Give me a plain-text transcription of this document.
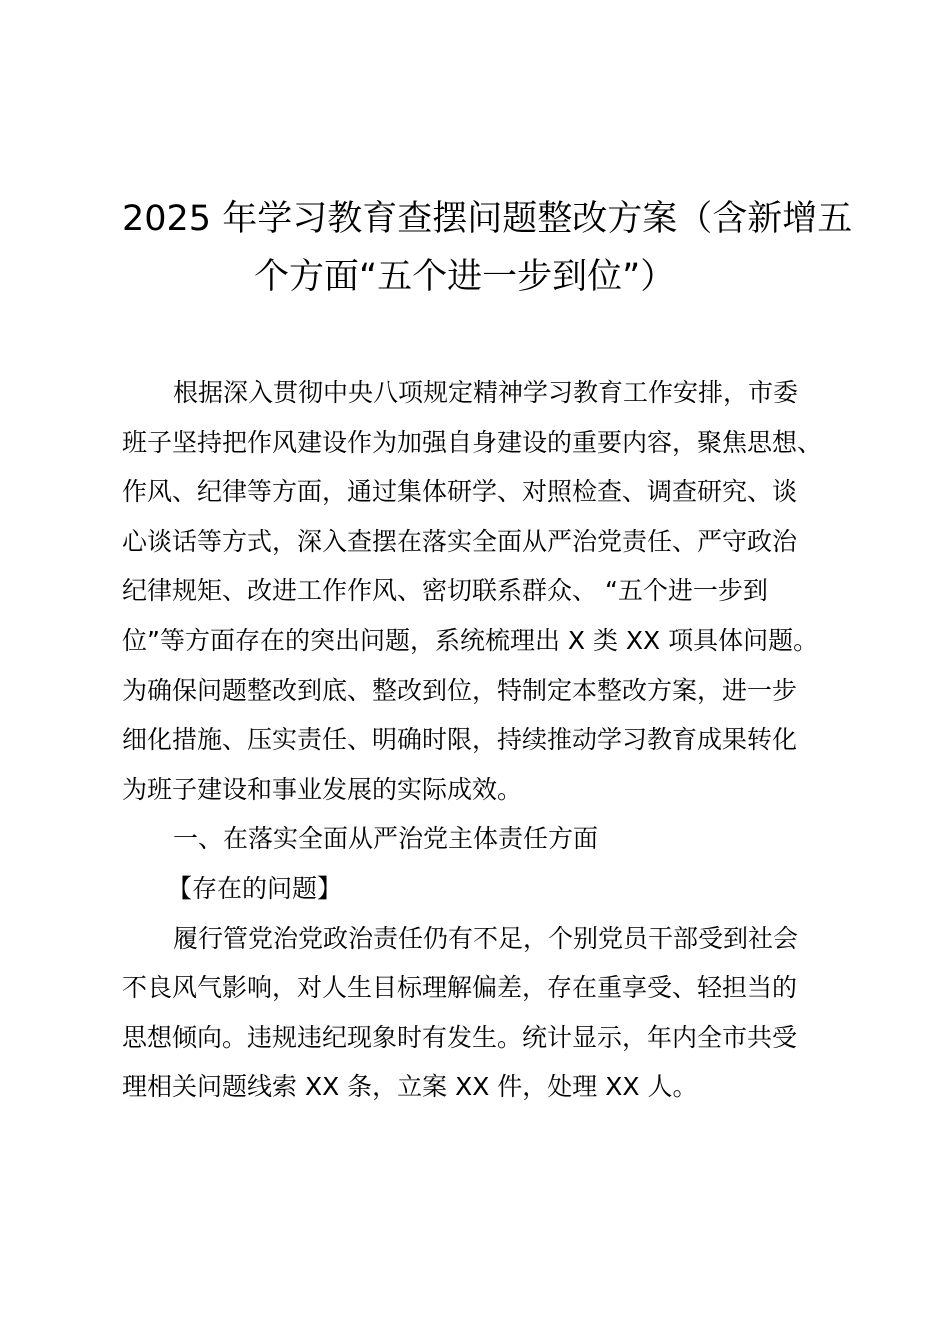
2025 年学习教育查摆问题整改方案（含新增五
个方面“五个进一步到位”）
根据深入贯彻中央八项规定精神学习教育工作安排，市委
班子坚持把作风建设作为加强自身建设的重要内容，聚焦思想、
作风、纪律等方面，通过集体研学、对照检查、调查研究、谈
心谈话等方式，深入查摆在落实全面从严治党责任、严守政治
纪律规矩、改进工作作风、密切联系群众、 “五个进一步到
位”等方面存在的突出问题，系统梳理出 X 类 XX 项具体问题。
为确保问题整改到底、整改到位，特制定本整改方案，进一步
细化措施、压实责任、明确时限，持续推动学习教育成果转化
为班子建设和事业发展的实际成效。
一、在落实全面从严治党主体责任方面
【存在的问题】
履行管党治党政治责任仍有不足，个别党员干部受到社会
不良风气影响，对人生目标理解偏差，存在重享受、轻担当的
思想倾向。违规违纪现象时有发生。统计显示，年内全市共受
理相关问题线索 XX 条，立案 XX 件，处理 XX 人。
